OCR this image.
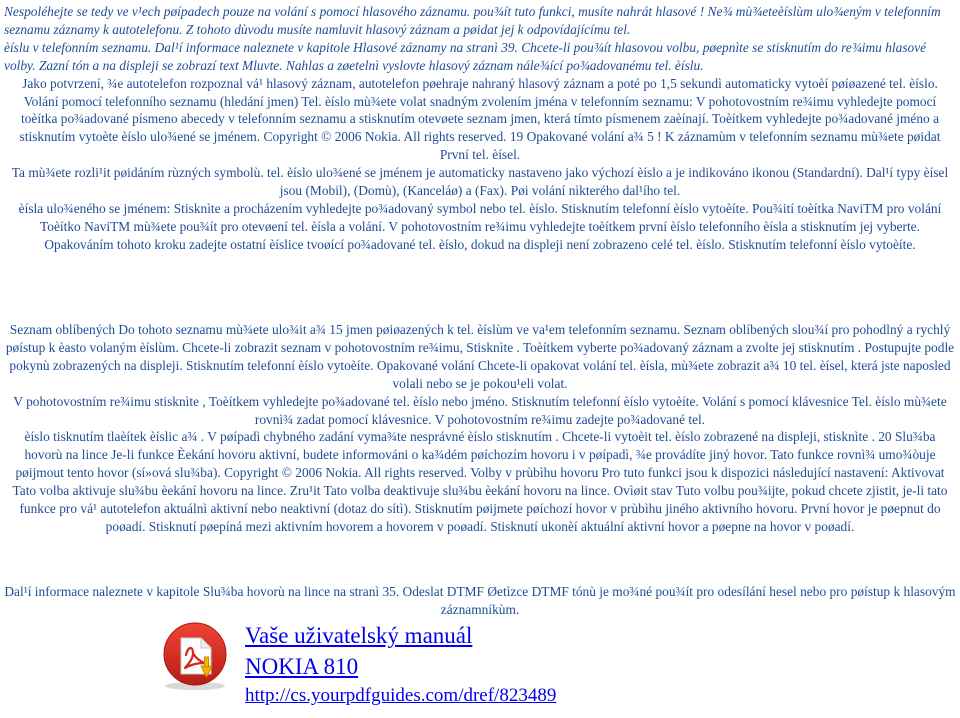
Nespoléhejte se tedy ve v¹ech pøípadech pouze na volání s pomocí hlasového záznamu. pou¾ít tuto funkci, musíte nahrát hlasové ! Ne¾ mù¾eteèíslùm ulo¾eným v telefonním seznamu záznamy k autotelefonu. Z tohoto dùvodu musíte namluvit hlasový záznam a pøidat jej k odpovídajícímu tel.

èíslu v telefonním seznamu. Dal¹í informace naleznete v kapitole Hlasové záznamy na stranì 39. Chcete-li pou¾ít hlasovou volbu, pøepnìte se stisknutím do re¾imu hlasové volby. Zazní tón a na displeji se zobrazí text Mluvte. Nahlas a zøetelnì vyslovte hlasový záznam nále¾ící po¾adovanému tel. èíslu.

Jako potvrzení, ¾e autotelefon rozpoznal vá¹ hlasový záznam, autotelefon pøehraje nahraný hlasový záznam a poté po 1,5 sekundì automaticky vytoèí pøíøazené tel. èíslo. Volání pomocí telefonního seznamu (hledání jmen) Tel. èíslo mù¾ete volat snadným zvolením jména v telefonním seznamu: V pohotovostním re¾imu vyhledejte pomocí toèítka po¾adované písmeno abecedy v telefonním seznamu a stisknutím otevøete seznam jmen, která tímto písmenem zaèínají. Toèítkem vyhledejte po¾adované jméno a stisknutím vytoète èíslo ulo¾ené se jménem. Copyright © 2006 Nokia. All rights reserved. 19 Opakované volání a¾ 5 ! K záznamùm v telefonním seznamu mù¾ete pøidat První tel. èísel.

Ta mù¾ete rozli¹it pøidáním rùzných symbolù. tel. èíslo ulo¾ené se jménem je automaticky nastaveno jako výchozí èíslo a je indikováno ikonou (Standardní). Dal¹í typy èísel jsou (Mobil), (Domù), (Kanceláø) a (Fax). Pøi volání nìkterého dal¹ího tel.

èísla ulo¾eného se jménem: Stisknìte a procházením vyhledejte po¾adovaný symbol nebo tel. èíslo. Stisknutím telefonní èíslo vytoèíte. Pou¾ití toèítka NaviTM pro volání Toèítko NaviTM mù¾ete pou¾ít pro otevøení tel. èísla a volání. V pohotovostním re¾imu vyhledejte toèítkem první èíslo telefonního èísla a stisknutím jej vyberte. Opakováním tohoto kroku zadejte ostatní èíslice tvoøící po¾adované tel. èíslo, dokud na displeji není zobrazeno celé tel. èíslo. Stisknutím telefonní èíslo vytoèíte.

Seznam oblíbených Do tohoto seznamu mù¾ete ulo¾it a¾ 15 jmen pøiøazených k tel. èíslùm ve va¹em telefonním seznamu. Seznam oblíbených slou¾í pro pohodlný a rychlý pøístup k èasto volaným èíslùm. Chcete-li zobrazit seznam v pohotovostním re¾imu, Stisknìte . Toèítkem vyberte po¾adovaný záznam a zvolte jej stisknutím . Postupujte podle pokynù zobrazených na displeji. Stisknutím telefonní èíslo vytoèíte. Opakované volání Chcete-li opakovat volání tel. èísla, mù¾ete zobrazit a¾ 10 tel. èísel, která jste naposled volali nebo se je pokou¹eli volat.

V pohotovostním re¾imu stisknìte , Toèítkem vyhledejte po¾adované tel. èíslo nebo jméno. Stisknutím telefonní èíslo vytoèíte. Volání s pomocí klávesnice Tel. èíslo mù¾ete rovnì¾ zadat pomocí klávesnice. V pohotovostním re¾imu zadejte po¾adované tel.

èíslo tisknutím tlaèítek èíslic a¾ . V pøípadì chybného zadání vyma¾te nesprávné èíslo stisknutím . Chcete-li vytoèit tel. èíslo zobrazené na displeji, stisknìte . 20 Slu¾ba hovorù na lince Je-li funkce Èekání hovoru aktivní, budete informováni o ka¾dém pøíchozím hovoru i v pøípadì, ¾e provádíte jiný hovor. Tato funkce rovnì¾ umo¾òuje pøijmout tento hovor (sí»ová slu¾ba). Copyright © 2006 Nokia. All rights reserved. Volby v prùbìhu hovoru Pro tuto funkci jsou k dispozici následující nastavení: Aktivovat Tato volba aktivuje slu¾bu èekání hovoru na lince. Zru¹it Tato volba deaktivuje slu¾bu èekání hovoru na lince. Ovìøit stav Tuto volbu pou¾ijte, pokud chcete zjistit, je-li tato funkce pro vá¹ autotelefon aktuálnì aktivní nebo neaktivní (dotaz do sítì). Stisknutím pøijmete pøíchozí hovor v prùbìhu jiného aktivního hovoru. První hovor je pøepnut do poøadí. Stisknutí pøepíná mezi aktivním hovorem a hovorem v poøadí. Stisknutí ukonèí aktuální aktivní hovor a pøepne na hovor v poøadí.

Dal¹í informace naleznete v kapitole Slu¾ba hovorù na lince na stranì 35. Odeslat DTMF Øetìzce DTMF tónù je mo¾né pou¾ít pro odesílání hesel nebo pro pøístup k hlasovým záznamníkùm.

Vaše uživatelský manuál
NOKIA 810
http://cs.yourpdfguides.com/dref/823489
